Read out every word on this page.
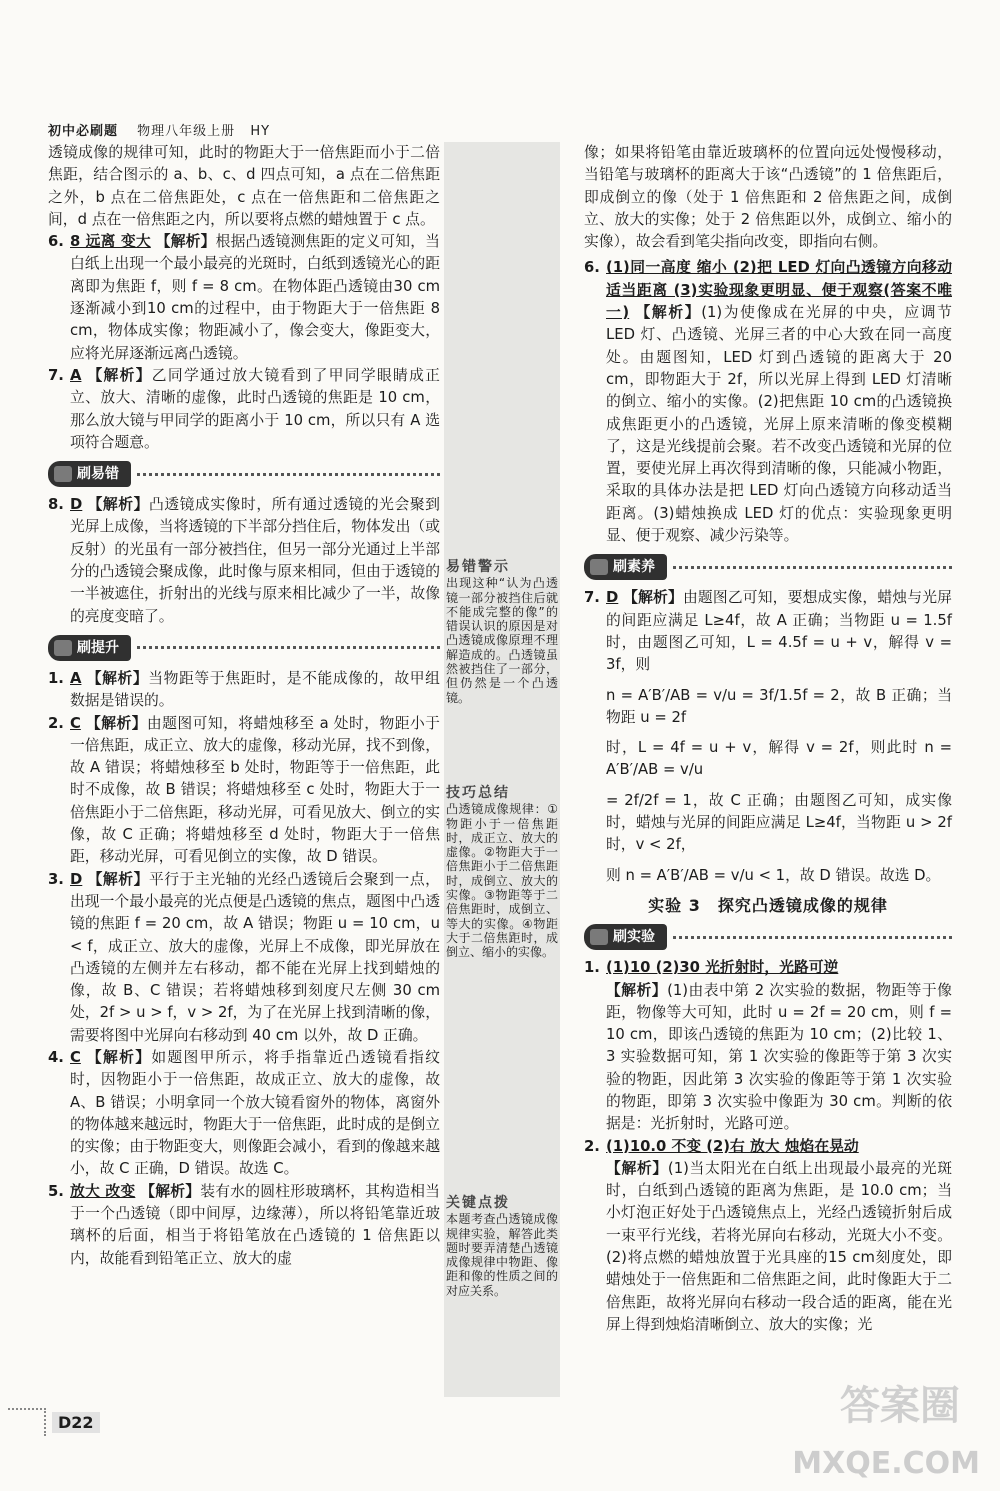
初中必刷题 物理八年级上册 HY

透镜成像的规律可知，此时的物距大于一倍焦距而小于二倍焦距，结合图示的 a、b、c、d 四点可知，a 点在二倍焦距之外，b 点在二倍焦距处，c 点在一倍焦距和二倍焦距之间，d 点在一倍焦距之内，所以要将点燃的蜡烛置于 c 点。

6. 8 远离 变大 【解析】根据凸透镜测焦距的定义可知，当白纸上出现一个最小最亮的光斑时，白纸到透镜光心的距离即为焦距 f，则 f = 8 cm。在物体距凸透镜由30 cm逐渐减小到10 cm的过程中，由于物距大于一倍焦距 8 cm，物体成实像；物距减小了，像会变大，像距变大，应将光屏逐渐远离凸透镜。

7. A 【解析】乙同学通过放大镜看到了甲同学眼睛成正立、放大、清晰的虚像，此时凸透镜的焦距是 10 cm，那么放大镜与甲同学的距离小于 10 cm，所以只有 A 选项符合题意。

刷易错
8. D 【解析】凸透镜成实像时，所有通过透镜的光会聚到光屏上成像，当将透镜的下半部分挡住后，物体发出（或反射）的光虽有一部分被挡住，但另一部分光通过上半部分的凸透镜会聚成像，此时像与原来相同，但由于透镜的一半被遮住，折射出的光线与原来相比减少了一半，故像的亮度变暗了。

刷提升
1. A 【解析】当物距等于焦距时，是不能成像的，故甲组数据是错误的。

2. C 【解析】由题图可知，将蜡烛移至 a 处时，物距小于一倍焦距，成正立、放大的虚像，移动光屏，找不到像，故 A 错误；将蜡烛移至 b 处时，物距等于一倍焦距，此时不成像，故 B 错误；将蜡烛移至 c 处时，物距大于一倍焦距小于二倍焦距，移动光屏，可看见放大、倒立的实像，故 C 正确；将蜡烛移至 d 处时，物距大于一倍焦距，移动光屏，可看见倒立的实像，故 D 错误。

3. D 【解析】平行于主光轴的光经凸透镜后会聚到一点，出现一个最小最亮的光点便是凸透镜的焦点，题图中凸透镜的焦距 f = 20 cm，故 A 错误；物距 u = 10 cm，u < f，成正立、放大的虚像，光屏上不成像，即光屏放在凸透镜的左侧并左右移动，都不能在光屏上找到蜡烛的像，故 B、C 错误；若将蜡烛移到刻度尺左侧 30 cm 处，2f > u > f，v > 2f，为了在光屏上找到清晰的像，需要将图中光屏向右移动到 40 cm 以外，故 D 正确。

4. C 【解析】如题图甲所示，将手指靠近凸透镜看指纹时，因物距小于一倍焦距，故成正立、放大的虚像，故 A、B 错误；小明拿同一个放大镜看窗外的物体，离窗外的物体越来越远时，物距大于一倍焦距，此时成的是倒立的实像；由于物距变大，则像距会减小，看到的像越来越小，故 C 正确，D 错误。故选 C。

5. 放大 改变 【解析】装有水的圆柱形玻璃杯，其构造相当于一个凸透镜（即中间厚，边缘薄），所以将铅笔靠近玻璃杯的后面，相当于将铅笔放在凸透镜的 1 倍焦距以内，故能看到铅笔正立、放大的虚

易错警示

出现这种“认为凸透镜一部分被挡住后就不能成完整的像”的错误认识的原因是对凸透镜成像原理不理解造成的。凸透镜虽然被挡住了一部分，但仍然是一个凸透镜。

技巧总结

凸透镜成像规律：①物距小于一倍焦距时，成正立、放大的虚像。②物距大于一倍焦距小于二倍焦距时，成倒立、放大的实像。③物距等于二倍焦距时，成倒立、等大的实像。④物距大于二倍焦距时，成倒立、缩小的实像。

关键点拨

本题考查凸透镜成像规律实验，解答此类题时要弄清楚凸透镜成像规律中物距、像距和像的性质之间的对应关系。

像；如果将铅笔由靠近玻璃杯的位置向远处慢慢移动，当铅笔与玻璃杯的距离大于该“凸透镜”的 1 倍焦距后，即成倒立的像（处于 1 倍焦距和 2 倍焦距之间，成倒立、放大的实像；处于 2 倍焦距以外，成倒立、缩小的实像），故会看到笔尖指向改变，即指向右侧。

6. (1)同一高度 缩小 (2)把 LED 灯向凸透镜方向移动适当距离 (3)实验现象更明显、便于观察(答案不唯一) 【解析】(1)为使像成在光屏的中央，应调节 LED 灯、凸透镜、光屏三者的中心大致在同一高度处。由题图知，LED 灯到凸透镜的距离大于 20 cm，即物距大于 2f，所以光屏上得到 LED 灯清晰的倒立、缩小的实像。(2)把焦距 10 cm的凸透镜换成焦距更小的凸透镜，光屏上原来清晰的像变模糊了，这是光线提前会聚。若不改变凸透镜和光屏的位置，要使光屏上再次得到清晰的像，只能减小物距，采取的具体办法是把 LED 灯向凸透镜方向移动适当距离。(3)蜡烛换成 LED 灯的优点：实验现象更明显、便于观察、减少污染等。

刷素养
7. D 【解析】由题图乙可知，要想成实像，蜡烛与光屏的间距应满足 L≥4f，故 A 正确；当物距 u = 1.5f 时，由题图乙可知，L = 4.5f = u + v，解得 v = 3f，则

n = A′B′/AB = v/u = 3f/1.5f = 2，故 B 正确；当物距 u = 2f

时，L = 4f = u + v，解得 v = 2f，则此时 n = A′B′/AB = v/u

= 2f/2f = 1，故 C 正确；由题图乙可知，成实像时，蜡烛与光屏的间距应满足 L≥4f，当物距 u > 2f 时，v < 2f，

则 n = A′B′/AB = v/u < 1，故 D 错误。故选 D。

实验 3　探究凸透镜成像的规律
刷实验
1. (1)10 (2)30 光折射时，光路可逆
【解析】(1)由表中第 2 次实验的数据，物距等于像距，物像等大可知，此时 u = 2f = 20 cm，则 f = 10 cm，即该凸透镜的焦距为 10 cm；(2)比较 1、3 实验数据可知，第 1 次实验的像距等于第 3 次实验的物距，因此第 3 次实验的像距等于第 1 次实验的物距，即第 3 次实验中像距为 30 cm。判断的依据是：光折射时，光路可逆。

2. (1)10.0 不变 (2)右 放大 烛焰在晃动
【解析】(1)当太阳光在白纸上出现最小最亮的光斑时，白纸到凸透镜的距离为焦距，是 10.0 cm；当小灯泡正好处于凸透镜焦点上，光经凸透镜折射后成一束平行光线，若将光屏向右移动，光斑大小不变。(2)将点燃的蜡烛放置于光具座的15 cm刻度处，即蜡烛处于一倍焦距和二倍焦距之间，此时像距大于二倍焦距，故将光屏向右移动一段合适的距离，能在光屏上得到烛焰清晰倒立、放大的实像；光

D22	答案圈
MXQE.COM
